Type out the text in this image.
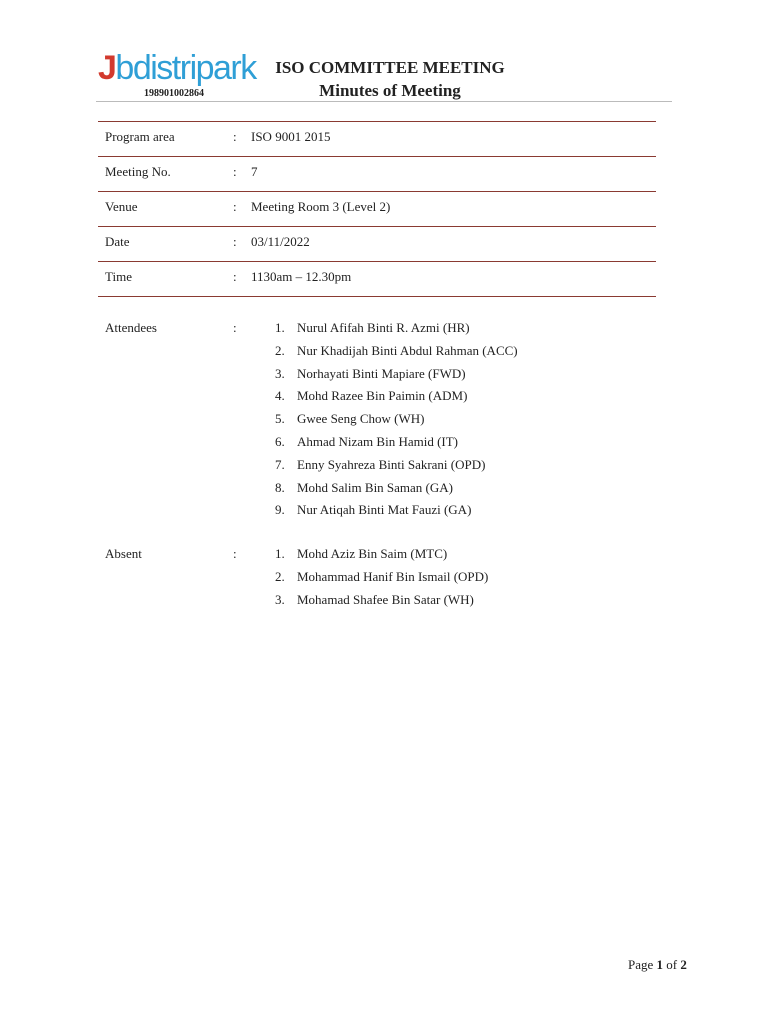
Jbdistripark
198901002864
ISO COMMITTEE MEETING
Minutes of Meeting
Program area	: ISO 9001 2015
Meeting No.	: 7
Venue	: Meeting Room 3 (Level 2)
Date	: 03/11/2022
Time	: 1130am – 12.30pm
Attendees	:	1. Nurul Afifah Binti R. Azmi (HR)
2. Nur Khadijah Binti Abdul Rahman (ACC)
3. Norhayati Binti Mapiare (FWD)
4. Mohd Razee Bin Paimin (ADM)
5. Gwee Seng Chow (WH)
6. Ahmad Nizam Bin Hamid (IT)
7. Enny Syahreza Binti Sakrani (OPD)
8. Mohd Salim Bin Saman (GA)
9. Nur Atiqah Binti Mat Fauzi (GA)
Absent	:	1. Mohd Aziz Bin Saim (MTC)
2. Mohammad Hanif Bin Ismail (OPD)
3. Mohamad Shafee Bin Satar (WH)
Page 1 of 2
